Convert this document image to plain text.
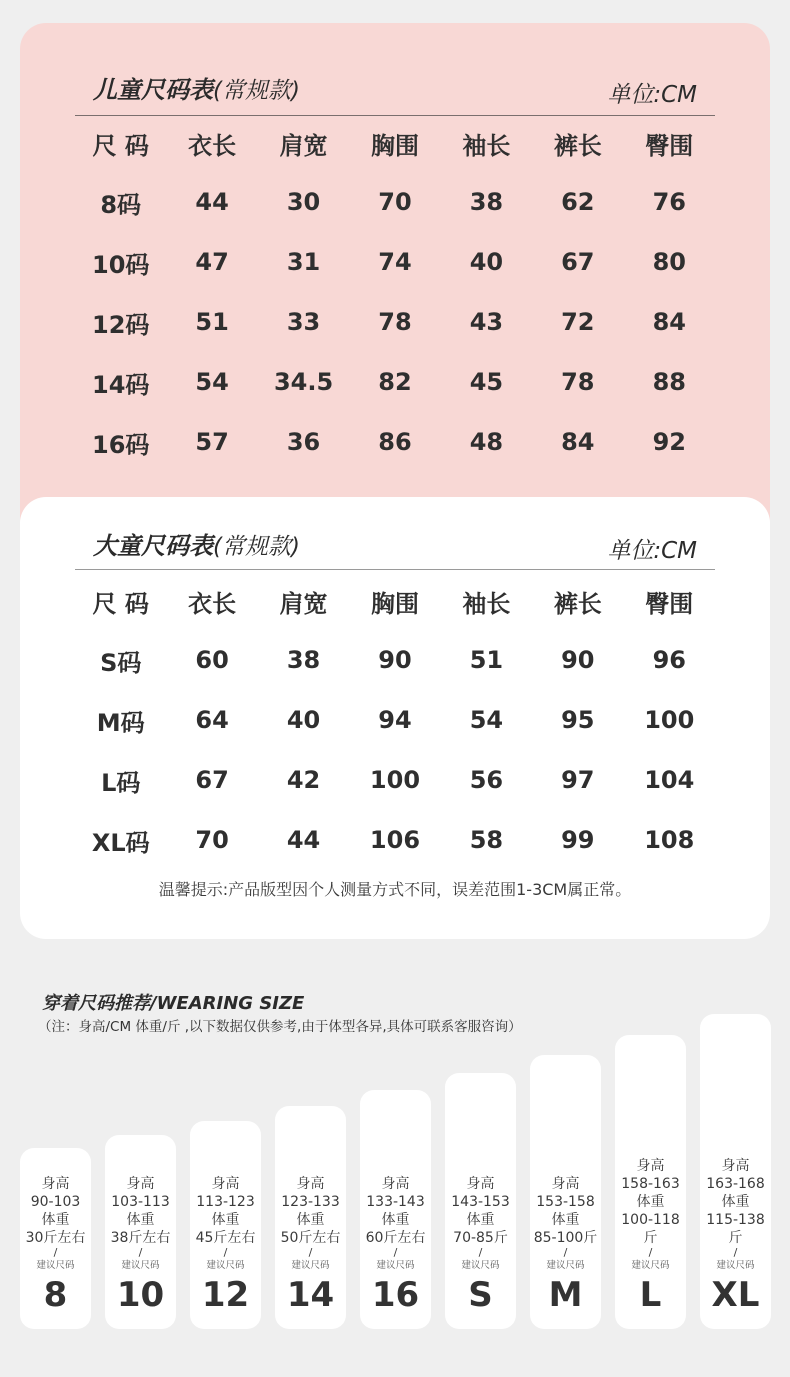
儿童尺码表(常规款)	单位:CM
尺 码	衣长	肩宽	胸围	袖长	裤长	臀围
8码	44	30	70	38	62	76
10码	47	31	74	40	67	80
12码	51	33	78	43	72	84
14码	54	34.5	82	45	78	88
16码	57	36	86	48	84	92
大童尺码表(常规款)	单位:CM
尺 码	衣长	肩宽	胸围	袖长	裤长	臀围
S码	60	38	90	51	90	96
M码	64	40	94	54	95	100
L码	67	42	100	56	97	104
XL码	70	44	106	58	99	108
温馨提示:产品版型因个人测量方式不同，误差范围1-3CM属正常。
穿着尺码推荐/WEARING SIZE
（注：身高/CM 体重/斤 ,以下数据仅供参考,由于体型各异,具体可联系客服咨询）
身高
90-103
体重
30斤左右
/
建议尺码
8
身高
103-113
体重
38斤左右
/
建议尺码
10
身高
113-123
体重
45斤左右
/
建议尺码
12
身高
123-133
体重
50斤左右
/
建议尺码
14
身高
133-143
体重
60斤左右
/
建议尺码
16
身高
143-153
体重
70-85斤
/
建议尺码
S
身高
153-158
体重
85-100斤
/
建议尺码
M
身高
158-163
体重
100-118斤
/
建议尺码
L
身高
163-168
体重
115-138斤
/
建议尺码
XL
